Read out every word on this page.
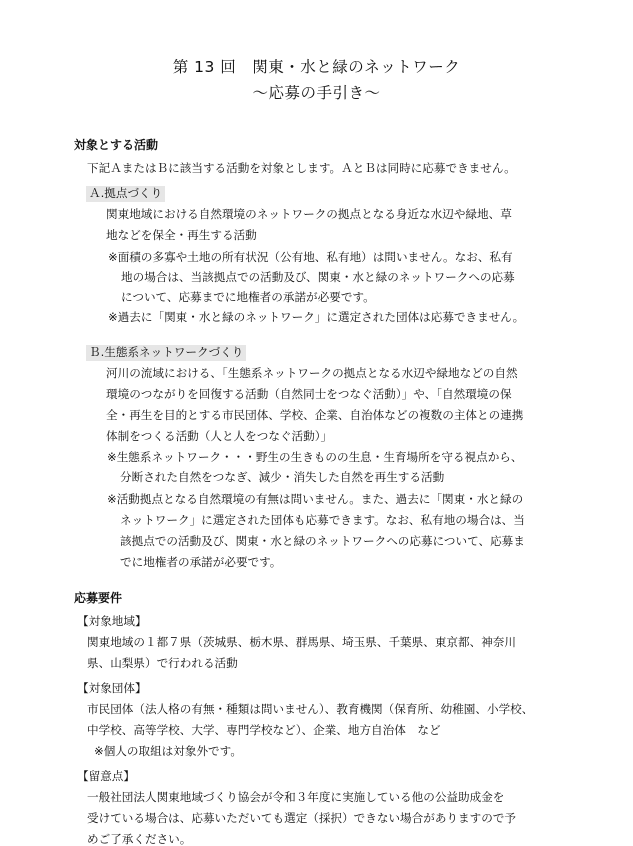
第 13 回　関東・水と緑のネットワーク
〜応募の手引き〜
対象とする活動
下記ＡまたはＢに該当する活動を対象とします。ＡとＢは同時に応募できません。
Ａ.拠点づくり
関東地域における自然環境のネットワークの拠点となる身近な水辺や緑地、草
地などを保全・再生する活動
※面積の多寡や土地の所有状況（公有地、私有地）は問いません。なお、私有
地の場合は、当該拠点での活動及び、関東・水と緑のネットワークへの応募
について、応募までに地権者の承諾が必要です。
※過去に「関東・水と緑のネットワーク」に選定された団体は応募できません。
Ｂ.生態系ネットワークづくり
河川の流域における、「生態系ネットワークの拠点となる水辺や緑地などの自然
環境のつながりを回復する活動（自然同士をつなぐ活動）」や、「自然環境の保
全・再生を目的とする市民団体、学校、企業、自治体などの複数の主体との連携
体制をつくる活動（人と人をつなぐ活動）」
※生態系ネットワーク・・・野生の生きものの生息・生育場所を守る視点から、
分断された自然をつなぎ、減少・消失した自然を再生する活動
※活動拠点となる自然環境の有無は問いません。また、過去に「関東・水と緑の
ネットワーク」に選定された団体も応募できます。なお、私有地の場合は、当
該拠点での活動及び、関東・水と緑のネットワークへの応募について、応募ま
でに地権者の承諾が必要です。
応募要件
【対象地域】
関東地域の１都７県（茨城県、栃木県、群馬県、埼玉県、千葉県、東京都、神奈川
県、山梨県）で行われる活動
【対象団体】
市民団体（法人格の有無・種類は問いません）、教育機関（保育所、幼稚園、小学校、
中学校、高等学校、大学、専門学校など）、企業、地方自治体　など
※個人の取組は対象外です。
【留意点】
一般社団法人関東地域づくり協会が令和３年度に実施している他の公益助成金を
受けている場合は、応募いただいても選定（採択）できない場合がありますので予
めご了承ください。
